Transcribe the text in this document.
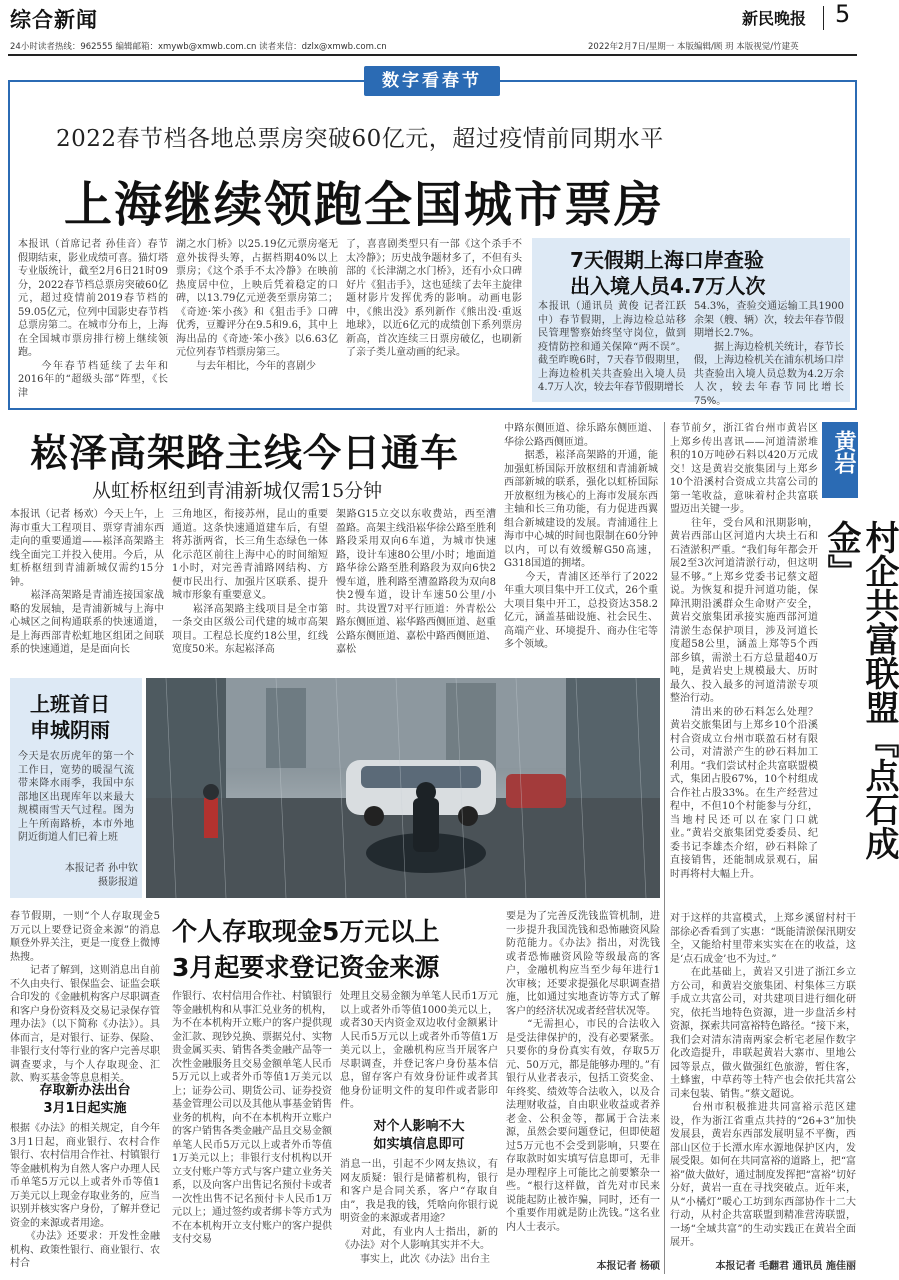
综合新闻	新民晚报 5
24小时读者热线：962555 编辑邮箱：xmywb@xmwb.com.cn 读者来信：dzlx@xmwb.com.cn	2022年2月7日/星期一 本版编辑/顾 玥 本版视觉/竹建英
数字看春节
2022春节档各地总票房突破60亿元，超过疫情前同期水平
上海继续领跑全国城市票房
本报讯（首席记者 孙佳音）春节假期结束，影业成绩可喜。猫灯塔专业版统计，截至2月6日21时09分，2022春节档总票房突破60亿元，超过疫情前2019春节档的59.05亿元，位列中国影史春节档总票房第二。在城市分布上，上海在全国城市票房排行榜上继续领跑。
　　今年春节档延续了去年和2016年的“超级头部”阵型，《长津
湖之水门桥》以25.19亿元票房毫无意外拔得头筹，占据档期40%以上票房；《这个杀手不太冷静》在映前热度居中位，上映后凭着稳定的口碑，以13.79亿元逆袭至票房第二；《奇迹·笨小孩》和《狙击手》口碑优秀，豆瓣评分在9.5和9.6，其中上海出品的《奇迹·笨小孩》以6.63亿元位列春节档票房第三。
　　与去年相比，今年的喜剧少
了，喜喜剧类型只有一部《这个杀手不太冷静》；历史战争题材多了，不但有头部的《长津湖之水门桥》，还有小众口碑好片《狙击手》，这也延续了去年主旋律题材影片发挥优秀的影响。动画电影中，《熊出没》系列新作《熊出没·重返地球》，以近6亿元的成绩创下系列票房新高，首次连续三日票房破亿，也刷新了亲子类儿童动画的纪录。
7天假期上海口岸查验
出入境人员4.7万人次
本报讯（通讯员 黄俊 记者江跃中）春节假期，上海边检总站移民管理警察始终坚守岗位，做到疫情防控和通关保障“两不误”。截至昨晚6时，7天春节假期里，上海边检机关共查验出入境人员4.7万人次，较去年春节假期增长
54.3%，查验交通运输工具1900余架（艘、辆）次，较去年春节假期增长2.7%。
　　据上海边检机关统计，春节长假，上海边检机关在浦东机场口岸共查验出入境人员总数为4.2万余人次，较去年春节同比增长75%。
崧泽高架路主线今日通车
从虹桥枢纽到青浦新城仅需15分钟
本报讯（记者 杨欢）今天上午，上海市重大工程项目、票穿青浦东西走向的重要通道——崧泽高架路主线全面完工并投入使用。今后，从虹桥枢纽到青浦新城仅需约15分钟。
　　崧泽高架路是青浦连接国家战略的发展轴，是青浦新城与上海中心城区之间构通联系的快速通道，是上海西部青松虹地区组团之间联系的快速通道，是是面向长
三角地区，衔接苏州，昆山的重要通道。这条快速通道建车后，有望将苏浙两省，长三角生态绿色一体化示范区前往上海中心的时间缩短1小时，对完善青浦路网结构、方便市民出行、加强片区联系、提升城市形象有重要意义。
　　崧泽高架路主线项目是全市第一条交由区级公司代建的城市高架项目。工程总长度约18公里，红线宽度50米。东起崧泽高
架路G15立交以东收费站，西至漕盈路。高架主线沿崧华徐公路至胜利路段采用双向6车道，为城市快速路，设计车速80公里/小时；地面道路华徐公路至胜利路段为双向6快2慢车道，胜利路至漕盈路段为双向8快2慢车道，设计车速50公里/小时。共设置7对平行匝道：外青松公路东侧匝道、崧华路西侧匝道、赵重公路东侧匝道、嘉松中路西侧匝道、嘉松
中路东侧匝道、徐乐路东侧匝道、华徐公路西侧匝道。
　　据悉，崧泽高架路的开通，能加强虹桥国际开放枢纽和青浦新城西部新城的联系，强化以虹桥国际开放枢纽为核心的上海市发展东西主轴和长三角功能，有力促进西翼组合新城建设的发展。青浦通往上海市中心城的时间也限制在60分钟以内，可以有效缓解G50高速，G318国道的拥堵。
　　今天，青浦区还举行了2022年重大项目集中开工仪式，26个重大项目集中开工，总投资达358.2亿元，涵盖基础设施、社会民生、高端产业、环境提升、商办住宅等多个领域。
上班首日
申城阴雨
今天是农历虎年的第一个工作日，宽势的暖湿气流带来降水雨季，我国中东部地区出现库年以来最大规模雨雪天气过程。图为上午所南路桥，本市外地阴近街道人们已着上班
本报记者 孙中钦
摄影报道
春节假期，一则“个人存取现金5万元以上要登记资金来源”的消息顺登外界关注，更是一度登上微博热搜。
　　记者了解到，这则消息出自前不久由央行、银保监会、证监会联合印发的《金融机构客户尽职调查和客户身份资料及交易记录保存管理办法》（以下简称《办法》）。具体而言，是对银行、证券、保险、非银行支付等行业的客户完善尽职调查要求，与个人存取现金、汇款、购买基金等息息相关。
存取新办法出台
3月1日起实施
根据《办法》的相关规定，自今年3月1日起，商业银行、农村合作银行、农村信用合作社、村镇银行等金融机构为自然人客户办理人民币单笔5万元以上或者外币等值1万美元以上现金存取业务的，应当识别并核实客户身份，了解并登记资金的来源或者用途。
　　《办法》还要求：开发性金融机构、政策性银行、商业银行、农村合
个人存取现金5万元以上
3月起要求登记资金来源
作银行、农村信用合作社、村镇银行等金融机构和从事汇兑业务的机构，为不在本机构开立账户的客户提供现金汇款、现钞兑换、票据兑付、实物贵金属买卖、销售各类金融产品等一次性金融服务且交易金额单笔人民币5万元以上或者外币等值1万美元以上；证券公司、期货公司、证券投资基金管理公司以及其他从事基金销售业务的机构，向不在本机构开立账户的客户销售各类金融产品且交易金额单笔人民币5万元以上或者外币等值1万美元以上；非银行支付机构以开立支付账户等方式与客户建立业务关系，以及向客户出售记名预付卡或者一次性出售不记名预付卡人民币1万元以上；通过签约或者绑卡等方式为不在本机构开立支付账户的客户提供支付交易
处理且交易金额为单笔人民币1万元以上或者外币等值1000美元以上，或者30天内资金双边收付金额累计人民币5万元以上或者外币等值1万美元以上，金融机构应当开展客户尽职调查，并登记客户身份基本信息，留存客户有效身份证件或者其他身份证明文件的复印件或者影印件。
对个人影响不大
如实填信息即可
消息一出，引起不少网友热议，有网友质疑：银行是储蓄机构，银行和客户是合同关系，客户“存取自由”，我是我的钱，凭啥向你银行说明资金的来源或者用途？
　　对此，有业内人士指出，新的《办法》对个人影响其实并不大。
　　事实上，此次《办法》出台主
要是为了完善反洗钱监管机制，进一步提升我国洗钱和恐怖融资风险防范能力。《办法》指出，对洗钱或者恐怖融资风险等级最高的客户，金融机构应当至少每年进行1次审核；还要求提强化尽职调查措施，比如通过实地查访等方式了解客户的经济状况或者经营状况等。
　　“无需担心，市民的合法收入是受法律保护的，没有必要紧张。只要你的身份真实有效，存取5万元、50万元，都是能够办理的。”有银行从业者表示，包括工资奖金、年终奖、绩效等合法收入，以及合法理财收益，自由职业收益或者养老金、公积金等，都属于合法来源，虽然会要问题登记，但即使超过5万元也不会受到影响，只要在存取款时如实填写信息即可，无非是办理程序上可能比之前要繁杂一些。“根行这样做，首先对市民来说能起防止被诈骗，同时，还有一个重要作用就是防止洗钱。”这名业内人士表示。
本报记者 杨硕
春节前夕，浙江省台州市黄岩区上郑乡传出喜讯——河道清淤堆积的10万吨砂石料以420万元成交！这是黄岩交旅集团与上郑乡10个沿溪村合资成立共富公司的第一笔收益，意味着村企共富联盟迈出关键一步。
　　往年，受台风和汛期影响，黄岩西部山区河道内大块土石和石渣淤积严重。“我们每年都会开展2至3次河道清淤行动，但这明显不够。”上郑乡党委书记蔡文超说。为恢复和提升河道功能，保障汛期沿溪群众生命财产安全，黄岩交旅集团承接实施西部河道清淤生态保护项目，涉及河道长度超58公里，涵盖上郑等5个西部乡镇，需淤土石方总量超40万吨，是黄岩史上规模最大、历时最久、投入最多的河道清淤专项整治行动。
　　清出来的砂石料怎么处理？黄岩交旅集团与上郑乡10个沿溪村合资成立台州市联盈石材有限公司，对清淤产生的砂石料加工利用。“我们尝试村企共富联盟模式，集团占股67%，10个村组成合作社占股33%。在生产经营过程中，不但10个村能参与分红，当地村民还可以在家门口就业。”黄岩交旅集团党委委员、纪委书记李雄杰介绍，砂石料除了直接销售，还能制成景观石，届时再将村大幅上升。
黄岩
村企共富联盟『点石成金』
对于这样的共富模式，上郑乡溪留村村干部徐必香看到了实惠：“既能清淤保汛期安全，又能给村里带来实实在在的收益，这是‘点石成金’也不为过。”
　　在此基础上，黄岩又引进了浙江乡立方公司，和黄岩交旅集团、村集体三方联手成立共富公司，对共建项目进行细化研究，依托当地特色资源，进一步盘活乡村资源，探索共同富裕特色路径。“接下来，我们会对清东清南两家会析宅老屋作数字化改造提升，串联起黄岩大寨市、里地公园等景点，做火做强红色旅游，暂住客，土蜂蜜，中草药等土特产也会依托共富公司来包装、销售。”蔡文超说。
　　台州市积极推进共同富裕示范区建设，作为浙江省重点共持的“26+3”加快发展县，黄岩东西部发展明显不平衡，西部山区位于长潭水库水源地保护区内，发展受限。如何在共同富裕的道路上，把“富裕”做大做好，通过制度发挥把“富裕”切好分好，黄岩一直在寻找突破点。近年来，从“小橘灯”暖心工坊到东西部协作十二大行动，从村企共富联盟到精准营涛联盟，一场“全域共富”的生动实践正在黄岩全面展开。
本报记者 毛翻君 通讯员 施佳丽
